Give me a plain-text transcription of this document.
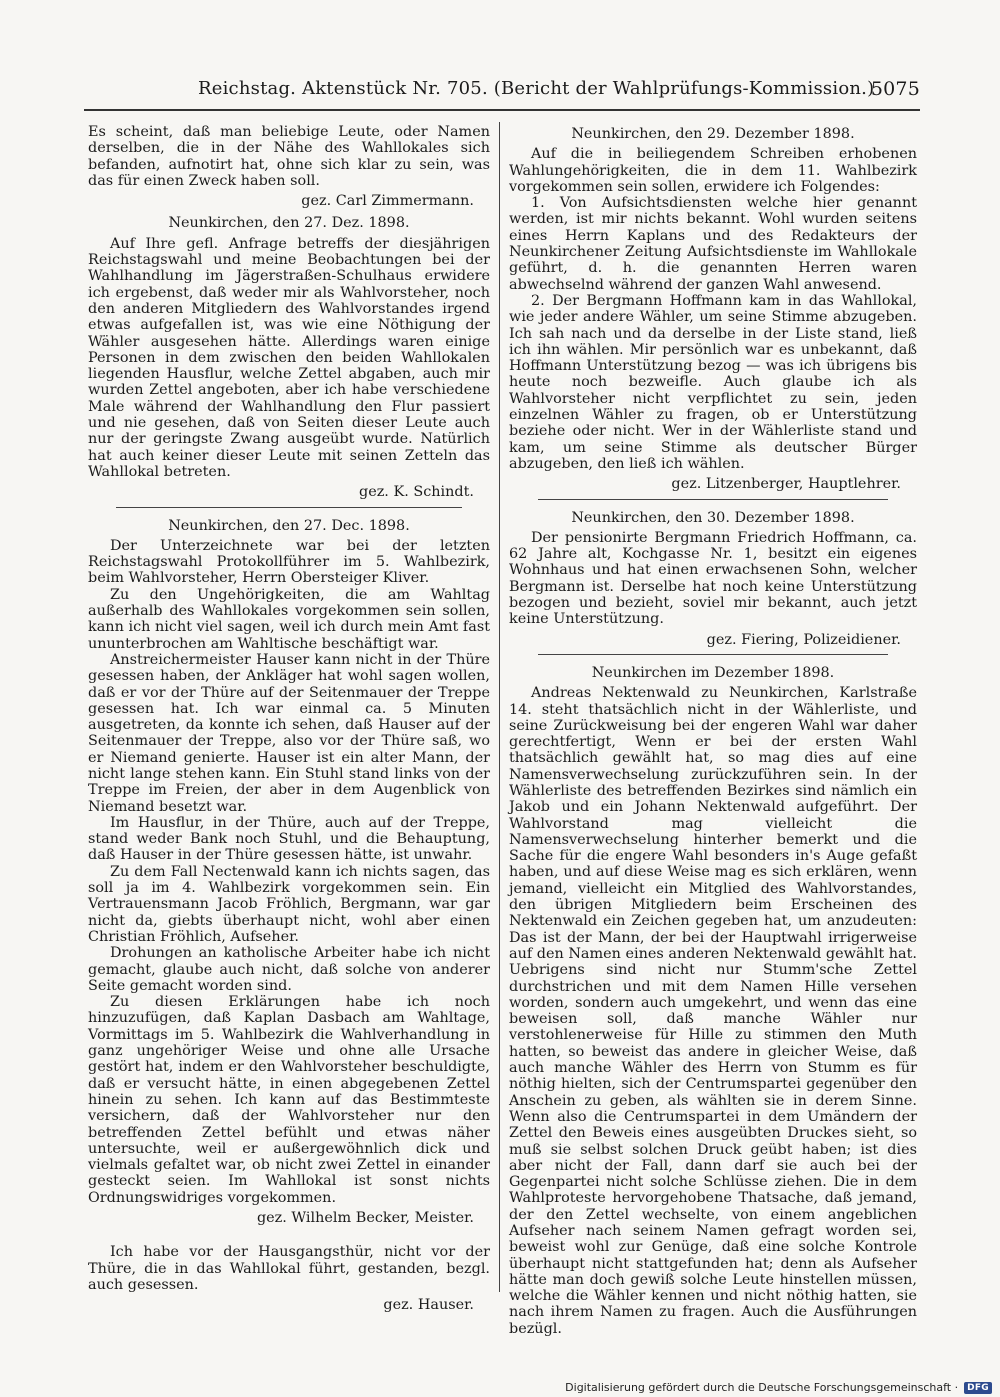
Reichstag. Aktenstück Nr. 705. (Bericht der Wahlprüfungs-Kommission.)
5075

Es scheint, daß man beliebige Leute, oder Namen derselben, die in der Nähe des Wahllokales sich befanden, aufnotirt hat, ohne sich klar zu sein, was das für einen Zweck haben soll.

gez. Carl Zimmermann.
Neunkirchen, den 27. Dez. 1898.

Auf Ihre gefl. Anfrage betreffs der diesjährigen Reichstagswahl und meine Beobachtungen bei der Wahlhandlung im Jägerstraßen-Schulhaus erwidere ich ergebenst, daß weder mir als Wahlvorsteher, noch den anderen Mitgliedern des Wahlvorstandes irgend etwas aufgefallen ist, was wie eine Nöthigung der Wähler ausgesehen hätte. Allerdings waren einige Personen in dem zwischen den beiden Wahllokalen liegenden Hausflur, welche Zettel abgaben, auch mir wurden Zettel angeboten, aber ich habe verschiedene Male während der Wahlhandlung den Flur passiert und nie gesehen, daß von Seiten dieser Leute auch nur der geringste Zwang ausgeübt wurde. Natürlich hat auch keiner dieser Leute mit seinen Zetteln das Wahllokal betreten.

gez. K. Schindt.
Neunkirchen, den 27. Dec. 1898.

Der Unterzeichnete war bei der letzten Reichstagswahl Protokollführer im 5. Wahlbezirk, beim Wahlvorsteher, Herrn Obersteiger Kliver.

Zu den Ungehörigkeiten, die am Wahltag außerhalb des Wahllokales vorgekommen sein sollen, kann ich nicht viel sagen, weil ich durch mein Amt fast ununterbrochen am Wahltische beschäftigt war.

Anstreichermeister Hauser kann nicht in der Thüre gesessen haben, der Ankläger hat wohl sagen wollen, daß er vor der Thüre auf der Seitenmauer der Treppe gesessen hat. Ich war einmal ca. 5 Minuten ausgetreten, da konnte ich sehen, daß Hauser auf der Seitenmauer der Treppe, also vor der Thüre saß, wo er Niemand genierte. Hauser ist ein alter Mann, der nicht lange stehen kann. Ein Stuhl stand links von der Treppe im Freien, der aber in dem Augenblick von Niemand besetzt war.

Im Hausflur, in der Thüre, auch auf der Treppe, stand weder Bank noch Stuhl, und die Behauptung, daß Hauser in der Thüre gesessen hätte, ist unwahr.

Zu dem Fall Nectenwald kann ich nichts sagen, das soll ja im 4. Wahlbezirk vorgekommen sein. Ein Vertrauensmann Jacob Fröhlich, Bergmann, war gar nicht da, giebts überhaupt nicht, wohl aber einen Christian Fröhlich, Aufseher.

Drohungen an katholische Arbeiter habe ich nicht gemacht, glaube auch nicht, daß solche von anderer Seite gemacht worden sind.

Zu diesen Erklärungen habe ich noch hinzuzufügen, daß Kaplan Dasbach am Wahltage, Vormittags im 5. Wahlbezirk die Wahlverhandlung in ganz ungehöriger Weise und ohne alle Ursache gestört hat, indem er den Wahlvorsteher beschuldigte, daß er versucht hätte, in einen abgegebenen Zettel hinein zu sehen. Ich kann auf das Bestimmteste versichern, daß der Wahlvorsteher nur den betreffenden Zettel befühlt und etwas näher untersuchte, weil er außergewöhnlich dick und vielmals gefaltet war, ob nicht zwei Zettel in einander gesteckt seien. Im Wahllokal ist sonst nichts Ordnungswidriges vorgekommen.

gez. Wilhelm Becker, Meister.

Ich habe vor der Hausgangsthür, nicht vor der Thüre, die in das Wahllokal führt, gestanden, bezgl. auch gesessen.

gez. Hauser.
Neunkirchen, den 29. Dezember 1898.

Auf die in beiliegendem Schreiben erhobenen Wahlungehörigkeiten, die in dem 11. Wahlbezirk vorgekommen sein sollen, erwidere ich Folgendes:

1. Von Aufsichtsdiensten welche hier genannt werden, ist mir nichts bekannt. Wohl wurden seitens eines Herrn Kaplans und des Redakteurs der Neunkirchener Zeitung Aufsichtsdienste im Wahllokale geführt, d. h. die genannten Herren waren abwechselnd während der ganzen Wahl anwesend.

2. Der Bergmann Hoffmann kam in das Wahllokal, wie jeder andere Wähler, um seine Stimme abzugeben. Ich sah nach und da derselbe in der Liste stand, ließ ich ihn wählen. Mir persönlich war es unbekannt, daß Hoffmann Unterstützung bezog — was ich übrigens bis heute noch bezweifle. Auch glaube ich als Wahlvorsteher nicht verpflichtet zu sein, jeden einzelnen Wähler zu fragen, ob er Unterstützung beziehe oder nicht. Wer in der Wählerliste stand und kam, um seine Stimme als deutscher Bürger abzugeben, den ließ ich wählen.

gez. Litzenberger, Hauptlehrer.
Neunkirchen, den 30. Dezember 1898.

Der pensionirte Bergmann Friedrich Hoffmann, ca. 62 Jahre alt, Kochgasse Nr. 1, besitzt ein eigenes Wohnhaus und hat einen erwachsenen Sohn, welcher Bergmann ist. Derselbe hat noch keine Unterstützung bezogen und bezieht, soviel mir bekannt, auch jetzt keine Unterstützung.

gez. Fiering, Polizeidiener.
Neunkirchen im Dezember 1898.

Andreas Nektenwald zu Neunkirchen, Karlstraße 14. steht thatsächlich nicht in der Wählerliste, und seine Zurückweisung bei der engeren Wahl war daher gerechtfertigt, Wenn er bei der ersten Wahl thatsächlich gewählt hat, so mag dies auf eine Namensverwechselung zurückzuführen sein. In der Wählerliste des betreffenden Bezirkes sind nämlich ein Jakob und ein Johann Nektenwald aufgeführt. Der Wahlvorstand mag vielleicht die Namensverwechselung hinterher bemerkt und die Sache für die engere Wahl besonders in's Auge gefaßt haben, und auf diese Weise mag es sich erklären, wenn jemand, vielleicht ein Mitglied des Wahlvorstandes, den übrigen Mitgliedern beim Erscheinen des Nektenwald ein Zeichen gegeben hat, um anzudeuten: Das ist der Mann, der bei der Hauptwahl irrigerweise auf den Namen eines anderen Nektenwald gewählt hat. Uebrigens sind nicht nur Stumm'sche Zettel durchstrichen und mit dem Namen Hille versehen worden, sondern auch umgekehrt, und wenn das eine beweisen soll, daß manche Wähler nur verstohlenerweise für Hille zu stimmen den Muth hatten, so beweist das andere in gleicher Weise, daß auch manche Wähler des Herrn von Stumm es für nöthig hielten, sich der Centrumspartei gegenüber den Anschein zu geben, als wählten sie in derem Sinne. Wenn also die Centrumspartei in dem Umändern der Zettel den Beweis eines ausgeübten Druckes sieht, so muß sie selbst solchen Druck geübt haben; ist dies aber nicht der Fall, dann darf sie auch bei der Gegenpartei nicht solche Schlüsse ziehen. Die in dem Wahlproteste hervorgehobene Thatsache, daß jemand, der den Zettel wechselte, von einem angeblichen Aufseher nach seinem Namen gefragt worden sei, beweist wohl zur Genüge, daß eine solche Kontrole überhaupt nicht stattgefunden hat; denn als Aufseher hätte man doch gewiß solche Leute hinstellen müssen, welche die Wähler kennen und nicht nöthig hatten, sie nach ihrem Namen zu fragen. Auch die Ausführungen bezügl.

Digitalisierung gefördert durch die Deutsche Forschungsgemeinschaft ·	DFG
